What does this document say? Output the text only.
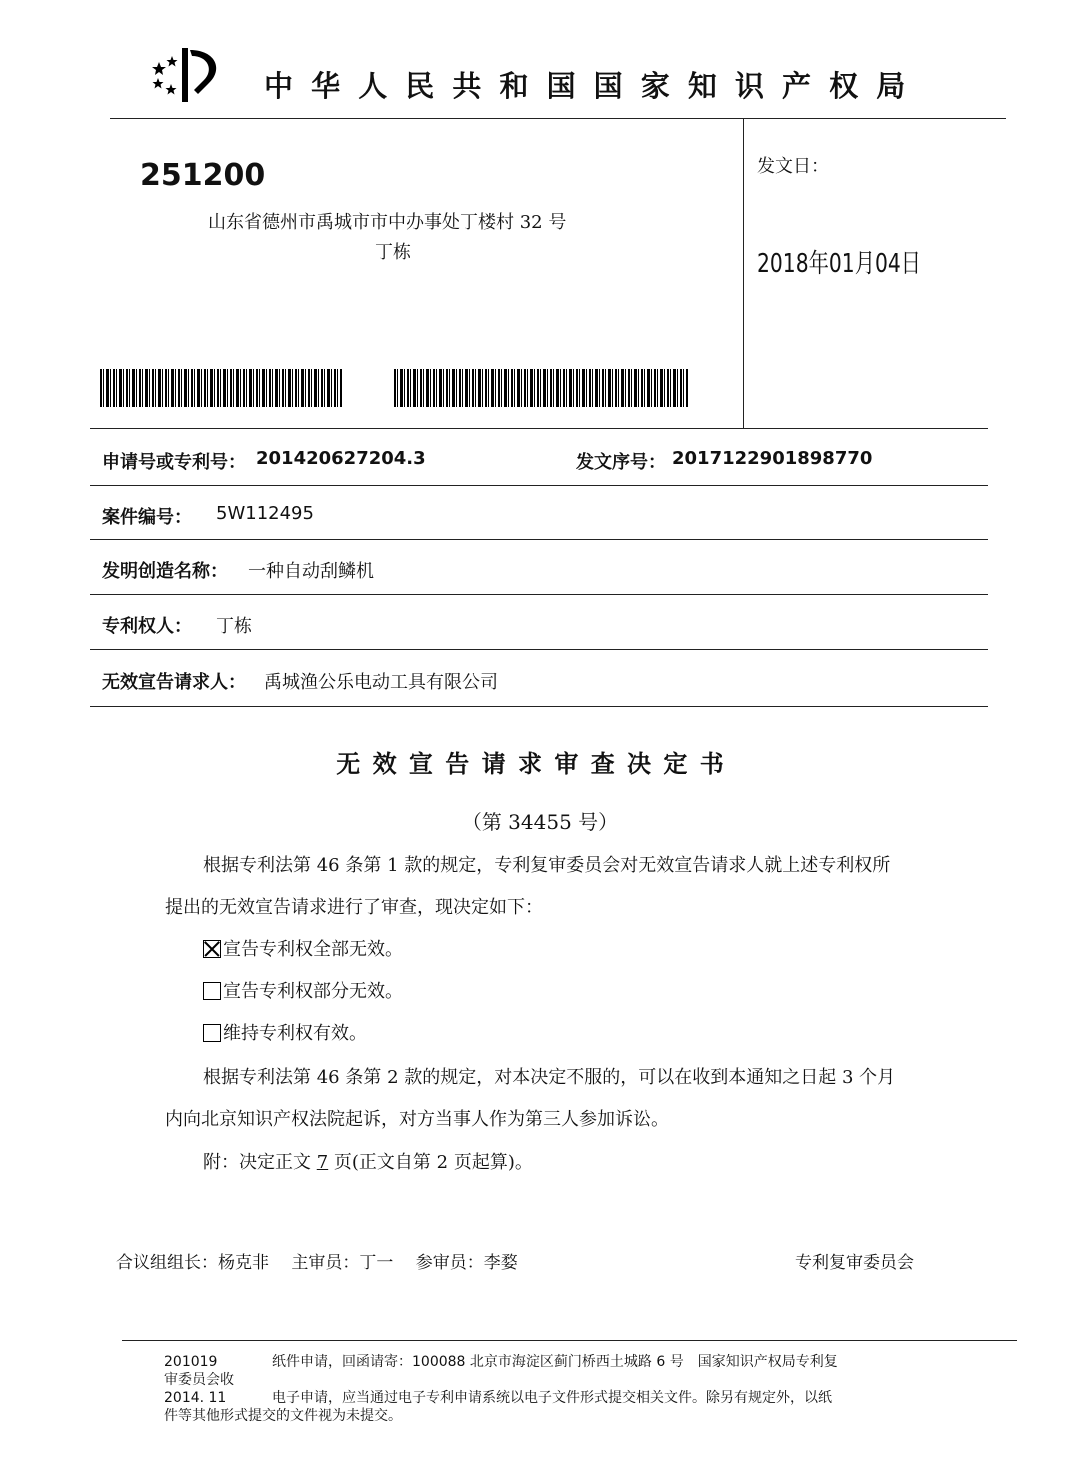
中 华 人 民 共 和 国 国 家 知 识 产 权 局
251200
山东省德州市禹城市市中办事处丁楼村 32 号
丁栋
发文日：
2018年01月04日
申请号或专利号： 201420627204.3	发文序号： 2017122901898770
案件编号： 5W112495
发明创造名称： 一种自动刮鳞机
专利权人： 丁栋
无效宣告请求人： 禹城渔公乐电动工具有限公司
无 效 宣 告 请 求 审 查 决 定 书
（第 34455 号）
根据专利法第 46 条第 1 款的规定，专利复审委员会对无效宣告请求人就上述专利权所
提出的无效宣告请求进行了审查，现决定如下：
宣告专利权全部无效。
宣告专利权部分无效。
维持专利权有效。
根据专利法第 46 条第 2 款的规定，对本决定不服的，可以在收到本通知之日起 3 个月
内向北京知识产权法院起诉，对方当事人作为第三人参加诉讼。
附：决定正文 7 页(正文自第 2 页起算)。
合议组组长：杨克非　 主审员：丁一　 参审员：李婺	专利复审委员会
201019	纸件申请，回函请寄：100088 北京市海淀区蓟门桥西土城路 6 号　国家知识产权局专利复
审委员会收
2014. 11	电子申请，应当通过电子专利申请系统以电子文件形式提交相关文件。除另有规定外，以纸
件等其他形式提交的文件视为未提交。
